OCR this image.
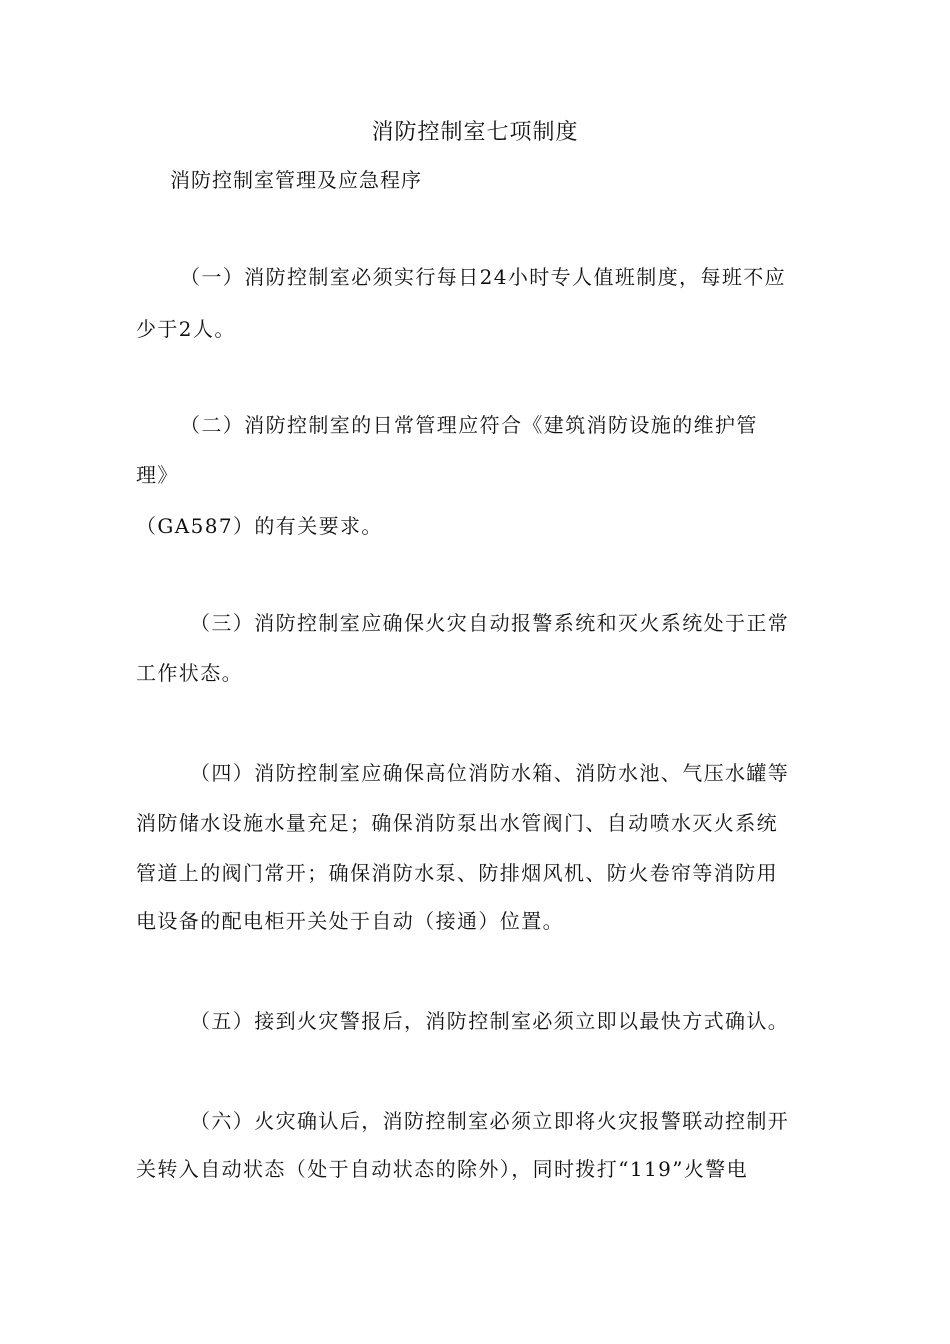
消防控制室七项制度
消防控制室管理及应急程序
（一）消防控制室必须实行每日24小时专人值班制度，每班不应
少于2人。
（二）消防控制室的日常管理应符合《建筑消防设施的维护管
理》
（GA587）的有关要求。
（三）消防控制室应确保火灾自动报警系统和灭火系统处于正常
工作状态。
（四）消防控制室应确保高位消防水箱、消防水池、气压水罐等
消防储水设施水量充足；确保消防泵出水管阀门、自动喷水灭火系统
管道上的阀门常开；确保消防水泵、防排烟风机、防火卷帘等消防用
电设备的配电柜开关处于自动（接通）位置。
（五）接到火灾警报后，消防控制室必须立即以最快方式确认。
（六）火灾确认后，消防控制室必须立即将火灾报警联动控制开
关转入自动状态（处于自动状态的除外），同时拨打“119”火警电
